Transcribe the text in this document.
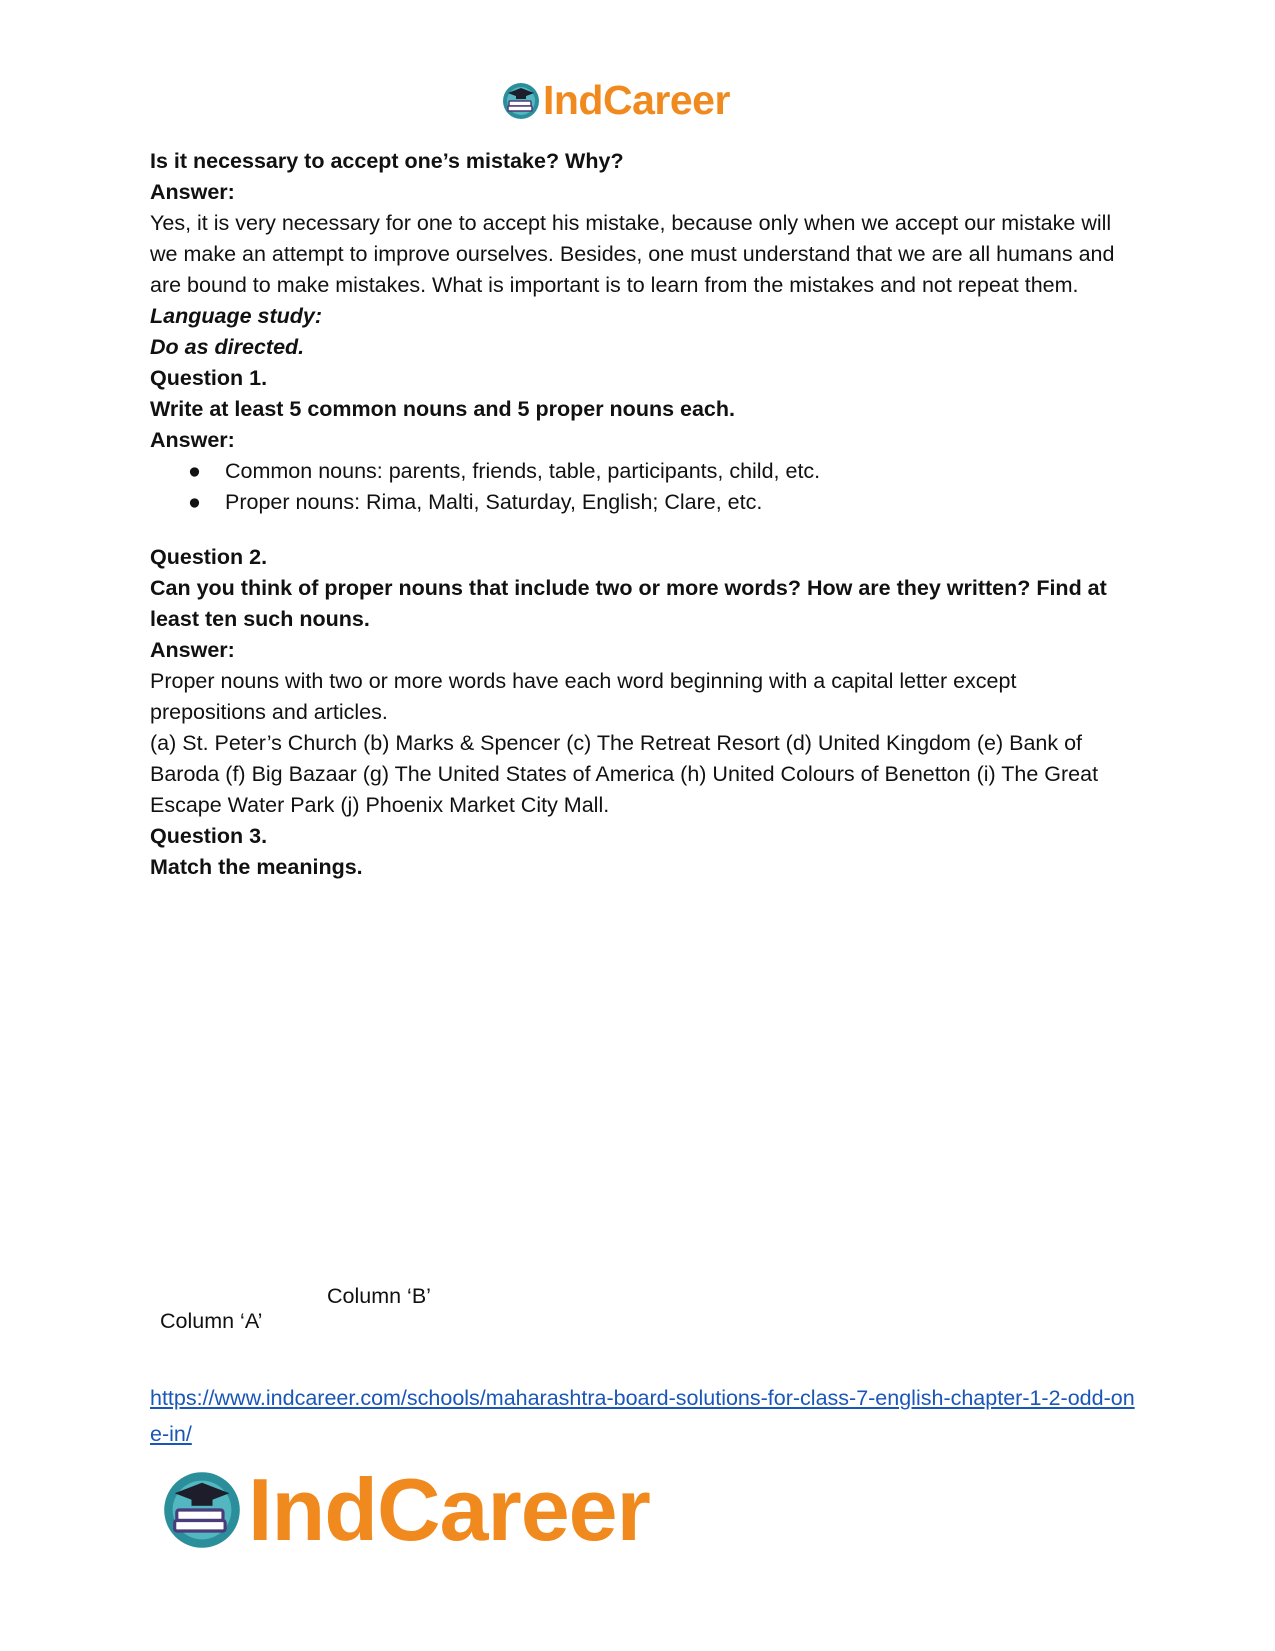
IndCareer

Is it necessary to accept one’s mistake? Why?

Answer:

Yes, it is very necessary for one to accept his mistake, because only when we accept our mistake will we make an attempt to improve ourselves. Besides, one must understand that we are all humans and are bound to make mistakes. What is important is to learn from the mistakes and not repeat them.

Language study:

Do as directed.

Question 1.

Write at least 5 common nouns and 5 proper nouns each.

Answer:

● Common nouns: parents, friends, table, participants, child, etc.
● Proper nouns: Rima, Malti, Saturday, English; Clare, etc.

Question 2.

Can you think of proper nouns that include two or more words? How are they written? Find at least ten such nouns.

Answer:

Proper nouns with two or more words have each word beginning with a capital letter except prepositions and articles.

(a) St. Peter’s Church (b) Marks & Spencer (c) The Retreat Resort (d) United Kingdom (e) Bank of Baroda (f) Big Bazaar (g) The United States of America (h) United Colours of Benetton (i) The Great Escape Water Park (j) Phoenix Market City Mall.

Question 3.

Match the meanings.

Column ‘B’
Column ‘A’
https://www.indcareer.com/schools/maharashtra-board-solutions-for-class-7-english-chapter-1-2-odd-one-in/
IndCareer
